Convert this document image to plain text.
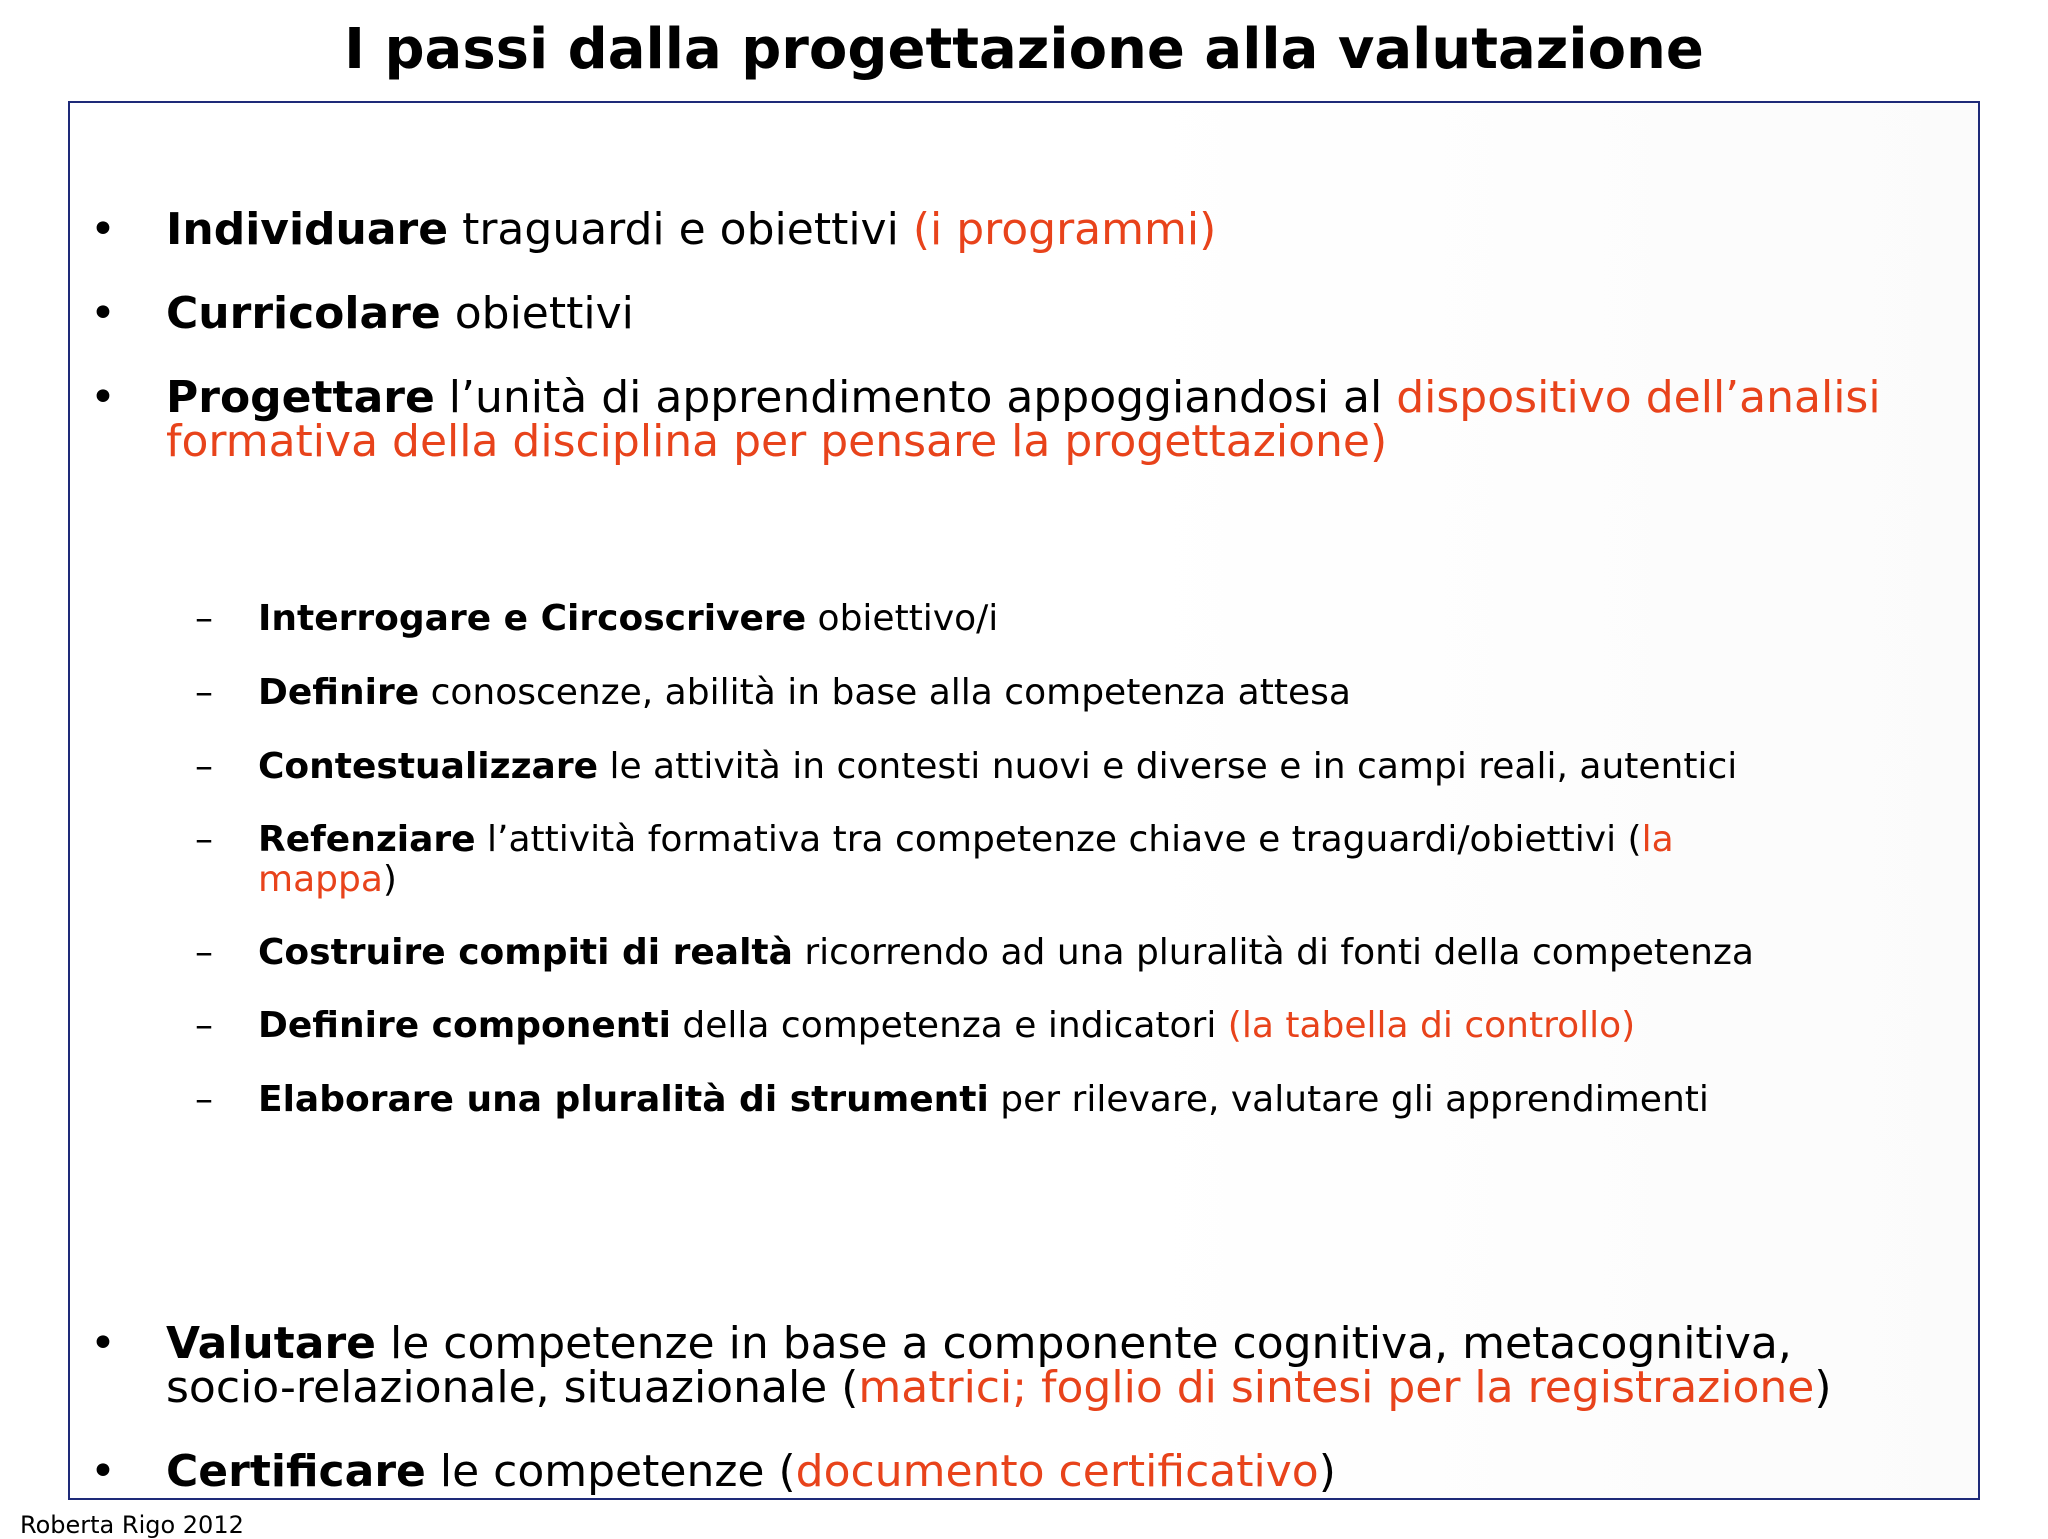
I passi dalla progettazione alla valutazione
•	Individuare traguardi e obiettivi (i programmi)
•	Curricolare obiettivi
•	Progettare l’unità di apprendimento appoggiandosi al dispositivo dell’analisi
formativa della disciplina per pensare la progettazione)
–	Interrogare e Circoscrivere obiettivo/i
–	Definire conoscenze, abilità in base alla competenza attesa
–	Contestualizzare le attività in contesti nuovi e diverse e in campi reali, autentici
–	Refenziare l’attività formativa tra competenze chiave e traguardi/obiettivi (la
mappa)
–	Costruire compiti di realtà ricorrendo ad una pluralità di fonti della competenza
–	Definire componenti della competenza e indicatori (la tabella di controllo)
–	Elaborare una pluralità di strumenti per rilevare, valutare gli apprendimenti
•	Valutare le competenze in base a componente cognitiva, metacognitiva,
socio-relazionale, situazionale (matrici; foglio di sintesi per la registrazione)
•	Certificare le competenze (documento certificativo)
Roberta Rigo 2012
